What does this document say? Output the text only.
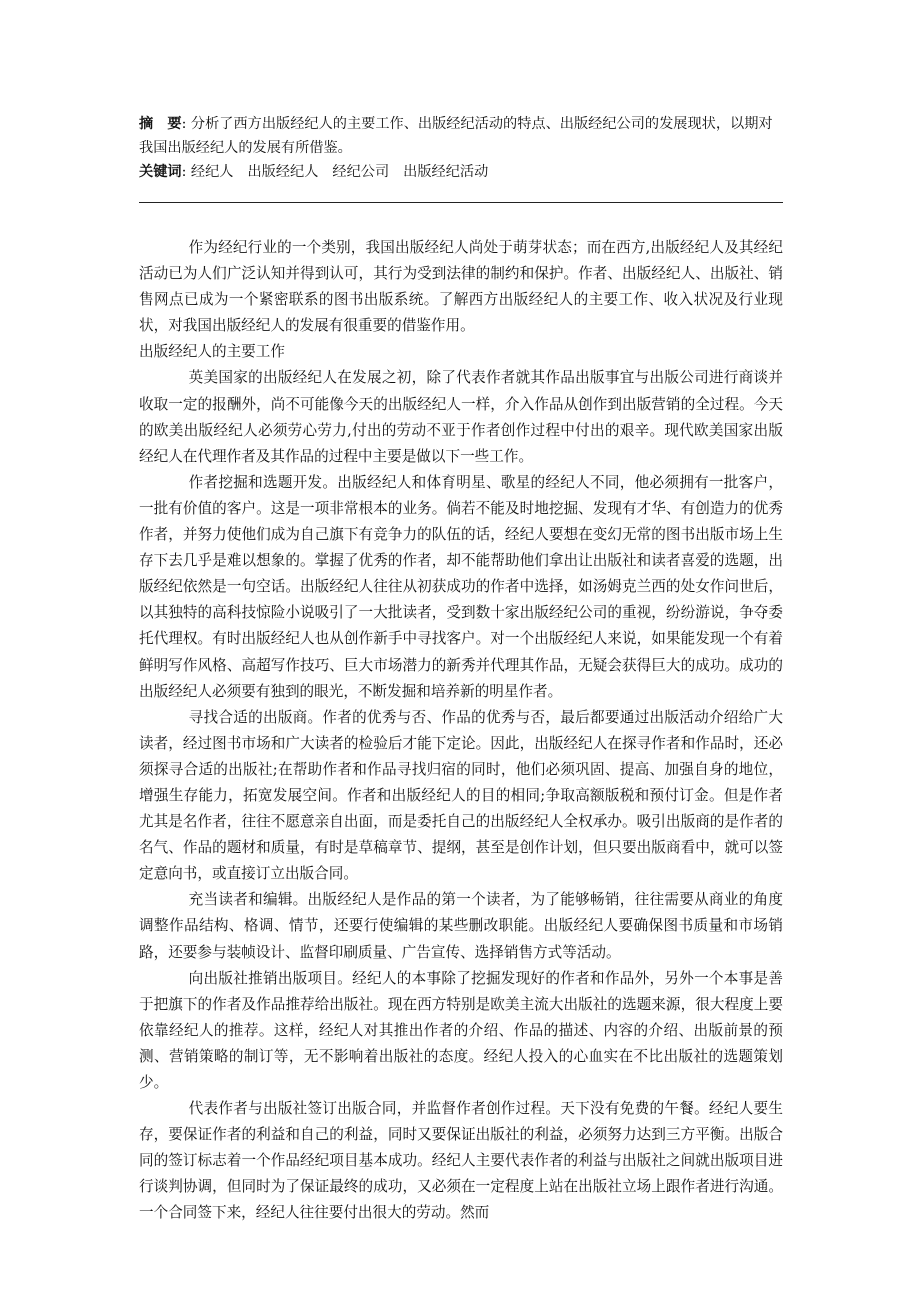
摘　要: 分析了西方出版经纪人的主要工作、出版经纪活动的特点、出版经纪公司的发展现状，以期对我国出版经纪人的发展有所借鉴。

关键词: 经纪人 出版经纪人 经纪公司 出版经纪活动

作为经纪行业的一个类别，我国出版经纪人尚处于萌芽状态；而在西方,出版经纪人及其经纪活动已为人们广泛认知并得到认可，其行为受到法律的制约和保护。作者、出版经纪人、出版社、销售网点已成为一个紧密联系的图书出版系统。了解西方出版经纪人的主要工作、收入状况及行业现状，对我国出版经纪人的发展有很重要的借鉴作用。

出版经纪人的主要工作

英美国家的出版经纪人在发展之初，除了代表作者就其作品出版事宜与出版公司进行商谈并收取一定的报酬外，尚不可能像今天的出版经纪人一样，介入作品从创作到出版营销的全过程。今天的欧美出版经纪人必须劳心劳力,付出的劳动不亚于作者创作过程中付出的艰辛。现代欧美国家出版经纪人在代理作者及其作品的过程中主要是做以下一些工作。

作者挖掘和选题开发。出版经纪人和体育明星、歌星的经纪人不同，他必须拥有一批客户，一批有价值的客户。这是一项非常根本的业务。倘若不能及时地挖掘、发现有才华、有创造力的优秀作者，并努力使他们成为自己旗下有竞争力的队伍的话，经纪人要想在变幻无常的图书出版市场上生存下去几乎是难以想象的。掌握了优秀的作者，却不能帮助他们拿出让出版社和读者喜爱的选题，出版经纪依然是一句空话。出版经纪人往往从初获成功的作者中选择，如汤姆克兰西的处女作问世后，以其独特的高科技惊险小说吸引了一大批读者，受到数十家出版经纪公司的重视，纷纷游说，争夺委托代理权。有时出版经纪人也从创作新手中寻找客户。对一个出版经纪人来说，如果能发现一个有着鲜明写作风格、高超写作技巧、巨大市场潜力的新秀并代理其作品，无疑会获得巨大的成功。成功的出版经纪人必须要有独到的眼光，不断发掘和培养新的明星作者。

寻找合适的出版商。作者的优秀与否、作品的优秀与否，最后都要通过出版活动介绍给广大读者，经过图书市场和广大读者的检验后才能下定论。因此，出版经纪人在探寻作者和作品时，还必须探寻合适的出版社;在帮助作者和作品寻找归宿的同时，他们必须巩固、提高、加强自身的地位，增强生存能力，拓宽发展空间。作者和出版经纪人的目的相同;争取高额版税和预付订金。但是作者尤其是名作者，往往不愿意亲自出面，而是委托自己的出版经纪人全权承办。吸引出版商的是作者的名气、作品的题材和质量，有时是草稿章节、提纲，甚至是创作计划，但只要出版商看中，就可以签定意向书，或直接订立出版合同。

充当读者和编辑。出版经纪人是作品的第一个读者，为了能够畅销，往往需要从商业的角度调整作品结构、格调、情节，还要行使编辑的某些删改职能。出版经纪人要确保图书质量和市场销路，还要参与装帧设计、监督印刷质量、广告宣传、选择销售方式等活动。

向出版社推销出版项目。经纪人的本事除了挖掘发现好的作者和作品外，另外一个本事是善于把旗下的作者及作品推荐给出版社。现在西方特别是欧美主流大出版社的选题来源，很大程度上要依靠经纪人的推荐。这样，经纪人对其推出作者的介绍、作品的描述、内容的介绍、出版前景的预测、营销策略的制订等，无不影响着出版社的态度。经纪人投入的心血实在不比出版社的选题策划少。

代表作者与出版社签订出版合同，并监督作者创作过程。天下没有免费的午餐。经纪人要生存，要保证作者的利益和自己的利益，同时又要保证出版社的利益，必须努力达到三方平衡。出版合同的签订标志着一个作品经纪项目基本成功。经纪人主要代表作者的利益与出版社之间就出版项目进行谈判协调，但同时为了保证最终的成功，又必须在一定程度上站在出版社立场上跟作者进行沟通。一个合同签下来，经纪人往往要付出很大的劳动。然而
